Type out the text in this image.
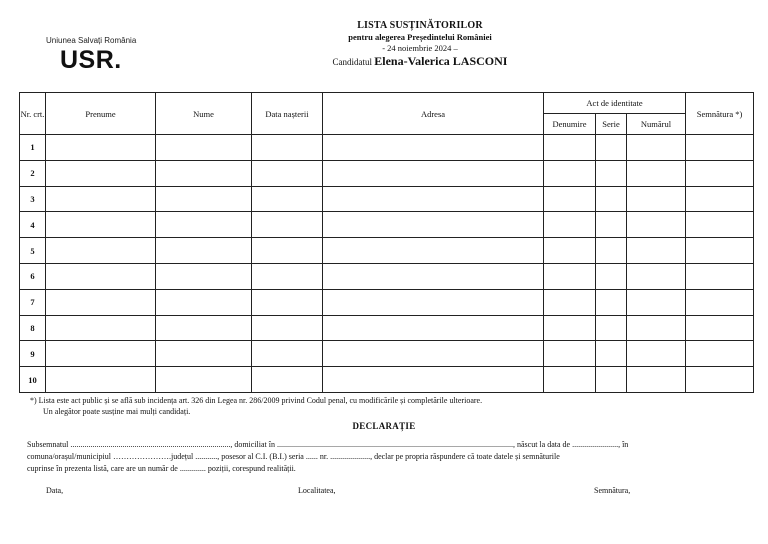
Uniunea Salvați România
USR.
LISTA SUSȚINĂTORILOR
pentru alegerea Președintelui României
- 24 noiembrie 2024 –
Candidatul Elena-Valerica LASCONI
Nr. crt.	Prenume	Nume	Data nașterii	Adresa	Act de identitate			Semnătura *)
					Denumire	Serie	Numărul	
1								
2								
3								
4								
5								
6								
7								
8								
9								
10								
*) Lista este act public și se află sub incidența art. 326 din Legea nr. 286/2009 privind Codul penal, cu modificările și completările ulterioare.
Un alegător poate susține mai mulți candidați.
DECLARAȚIE
Subsemnatul ................................................................................, domiciliat în ......................................................................................................................, născut la data de ......................., în
comuna/orașul/municipiul ………………….județul ..........., posesor al C.I. (B.I.) seria ...... nr. ...................., declar pe propria răspundere că toate datele și semnăturile
cuprinse în prezenta listă, care are un număr de ............. poziții, corespund realității.
Data,	Localitatea,	Semnătura,
